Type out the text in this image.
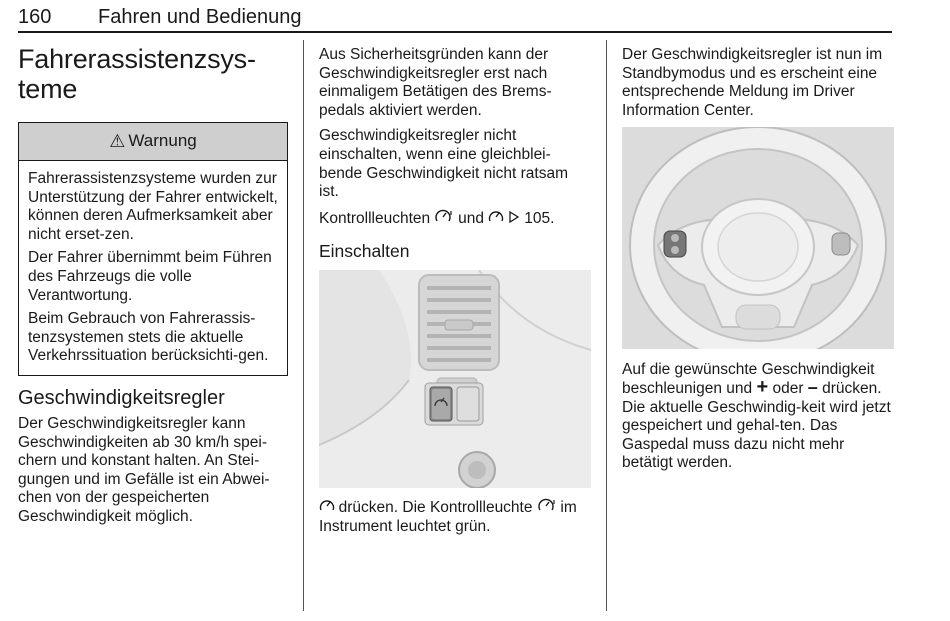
160 Fahren und Bedienung
Fahrerassistenzsys-
teme
⚠ Warnung

Fahrerassistenzsysteme wurden zur Unterstützung der Fahrer entwickelt, können deren Aufmerksamkeit aber nicht erset-zen.

Der Fahrer übernimmt beim Führen des Fahrzeugs die volle Verantwortung.

Beim Gebrauch von Fahrerassis-tenzsystemen stets die aktuelle Verkehrssituation berücksichti-gen.

Geschwindigkeitsregler

Der Geschwindigkeitsregler kann Geschwindigkeiten ab 30 km/h spei-chern und konstant halten. An Stei-gungen und im Gefälle ist ein Abwei-chen von der gespeicherten Geschwindigkeit möglich.

Aus Sicherheitsgründen kann der Geschwindigkeitsregler erst nach einmaligem Betätigen des Brems-pedals aktiviert werden.

Geschwindigkeitsregler nicht einschalten, wenn eine gleichblei-bende Geschwindigkeit nicht ratsam ist.

Kontrollleuchten und	105.

Einschalten

drücken. Die Kontrollleuchte im Instrument leuchtet grün.

Der Geschwindigkeitsregler ist nun im Standbymodus und es erscheint eine entsprechende Meldung im Driver Information Center.

Auf die gewünschte Geschwindigkeit beschleunigen und + oder – drücken. Die aktuelle Geschwindig-keit wird jetzt gespeichert und gehal-ten. Das Gaspedal muss dazu nicht mehr betätigt werden.
